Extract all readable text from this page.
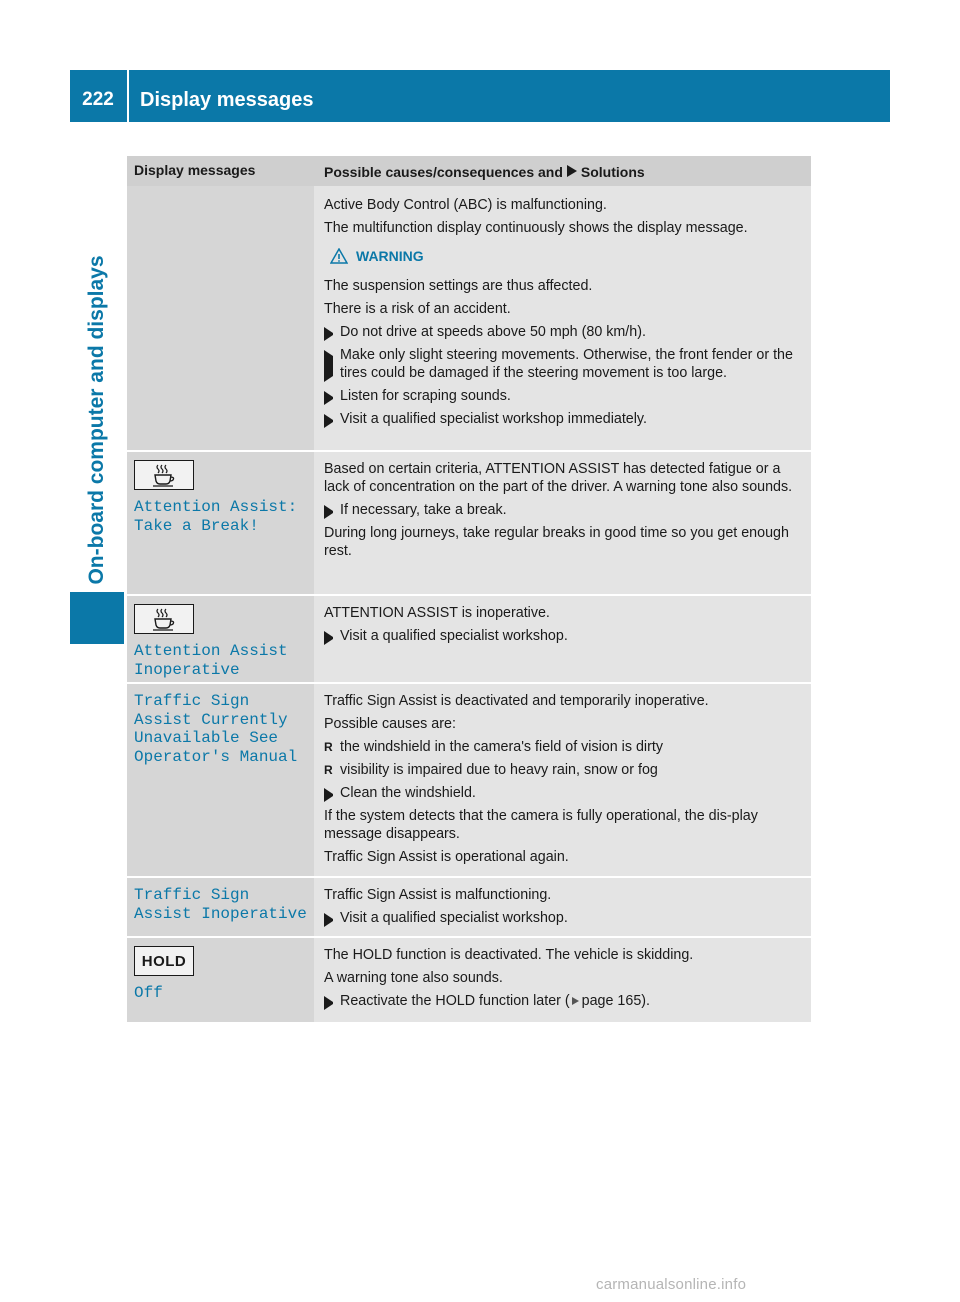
222	Display messages
On-board computer and displays
Display messages	Possible causes/consequences and Solutions

Active Body Control (ABC) is malfunctioning.

The multifunction display continuously shows the display message.

WARNING

The suspension settings are thus affected.

There is a risk of an accident.

Do not drive at speeds above 50 mph (80 km/h).
Make only slight steering movements. Otherwise, the front fender or the tires could be damaged if the steering movement is too large.
Listen for scraping sounds.
Visit a qualified specialist workshop immediately.
Attention Assist:
Take a Break!

Based on certain criteria, ATTENTION ASSIST has detected fatigue or a lack of concentration on the part of the driver. A warning tone also sounds.

If necessary, take a break.

During long journeys, take regular breaks in good time so you get enough rest.

Attention Assist
Inoperative

ATTENTION ASSIST is inoperative.

Visit a qualified specialist workshop.
Traffic Sign
Assist Currently
Unavailable See
Operator's Manual

Traffic Sign Assist is deactivated and temporarily inoperative.

Possible causes are:

R the windshield in the camera's field of vision is dirty
R visibility is impaired due to heavy rain, snow or fog
Clean the windshield.

If the system detects that the camera is fully operational, the dis-play message disappears.

Traffic Sign Assist is operational again.

Traffic Sign
Assist Inoperative

Traffic Sign Assist is malfunctioning.

Visit a qualified specialist workshop.
HOLD
Off

The HOLD function is deactivated. The vehicle is skidding.

A warning tone also sounds.

Reactivate the HOLD function later ( page 165).
carmanualsonline.info
